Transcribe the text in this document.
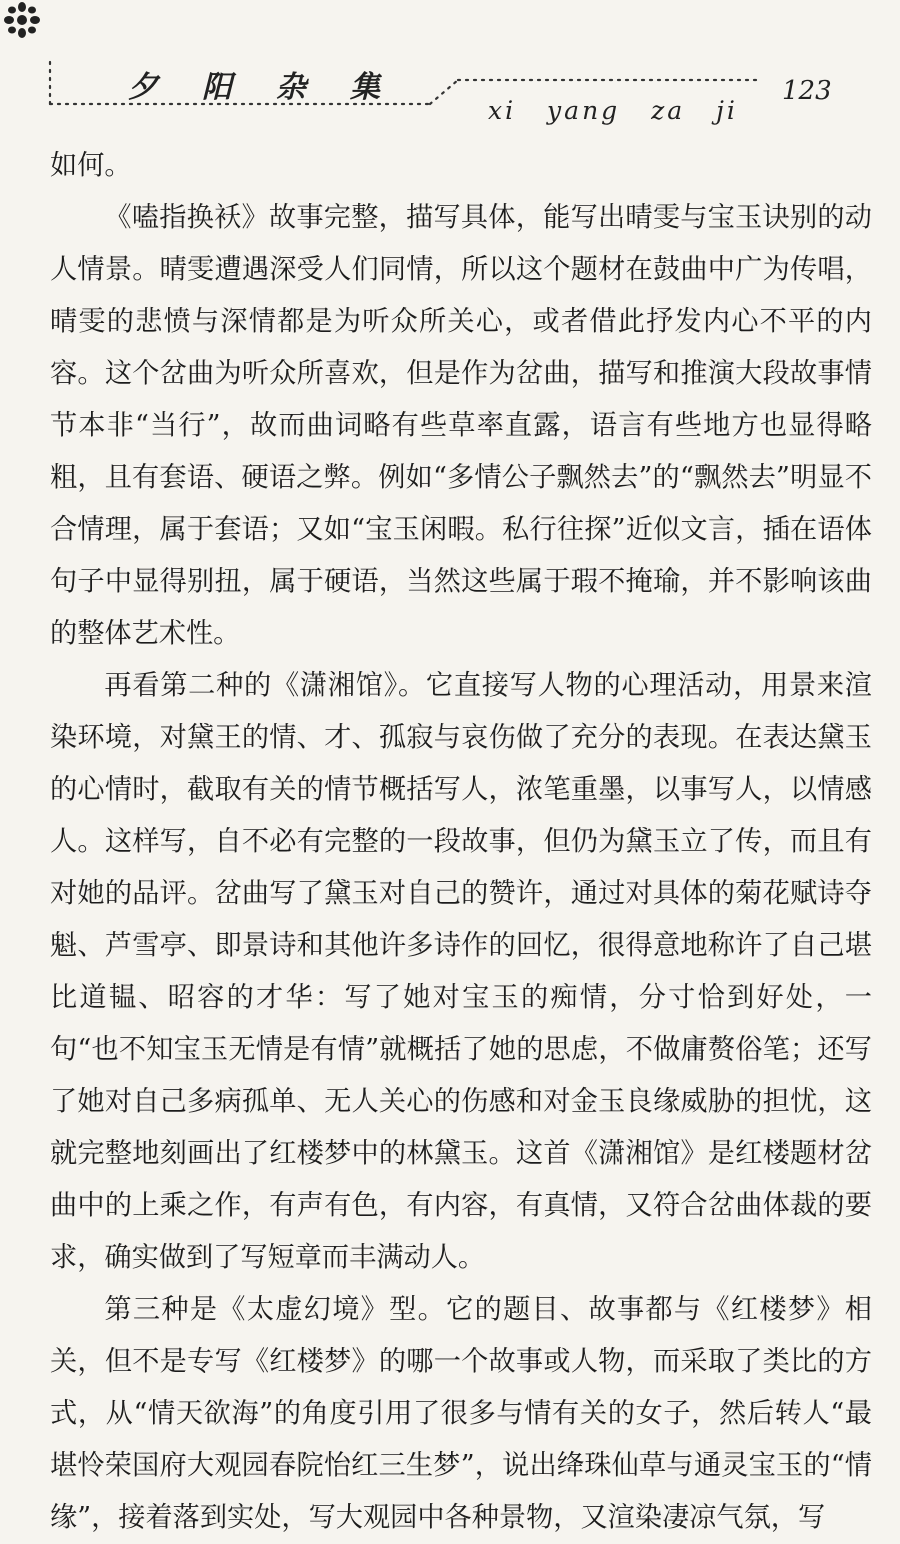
夕阳杂集
xi yang za ji
123

如何。

《嗑指换袄》故事完整，描写具体，能写出晴雯与宝玉诀别的动人情景。晴雯遭遇深受人们同情，所以这个题材在鼓曲中广为传唱，晴雯的悲愤与深情都是为听众所关心，或者借此抒发内心不平的内容。这个岔曲为听众所喜欢，但是作为岔曲，描写和推演大段故事情节本非“当行”，故而曲词略有些草率直露，语言有些地方也显得略粗，且有套语、硬语之弊。例如“多情公子飘然去”的“飘然去”明显不合情理，属于套语；又如“宝玉闲暇。私行往探”近似文言，插在语体句子中显得别扭，属于硬语，当然这些属于瑕不掩瑜，并不影响该曲的整体艺术性。

再看第二种的《潇湘馆》。它直接写人物的心理活动，用景来渲染环境，对黛王的情、才、孤寂与哀伤做了充分的表现。在表达黛玉的心情时，截取有关的情节概括写人，浓笔重墨，以事写人，以情感人。这样写，自不必有完整的一段故事，但仍为黛玉立了传，而且有对她的品评。岔曲写了黛玉对自己的赞许，通过对具体的菊花赋诗夺魁、芦雪亭、即景诗和其他许多诗作的回忆，很得意地称许了自己堪比道韫、昭容的才华：写了她对宝玉的痴情，分寸恰到好处，一句“也不知宝玉无情是有情”就概括了她的思虑，不做庸赘俗笔；还写了她对自己多病孤单、无人关心的伤感和对金玉良缘威胁的担忧，这就完整地刻画出了红楼梦中的林黛玉。这首《潇湘馆》是红楼题材岔曲中的上乘之作，有声有色，有内容，有真情，又符合岔曲体裁的要求，确实做到了写短章而丰满动人。

第三种是《太虚幻境》型。它的题目、故事都与《红楼梦》相关，但不是专写《红楼梦》的哪一个故事或人物，而采取了类比的方式，从“情天欲海”的角度引用了很多与情有关的女子，然后转人“最堪怜荣国府大观园春院怡红三生梦”，说出绛珠仙草与通灵宝玉的“情缘”，接着落到实处，写大观园中各种景物，又渲染凄凉气氛，写
